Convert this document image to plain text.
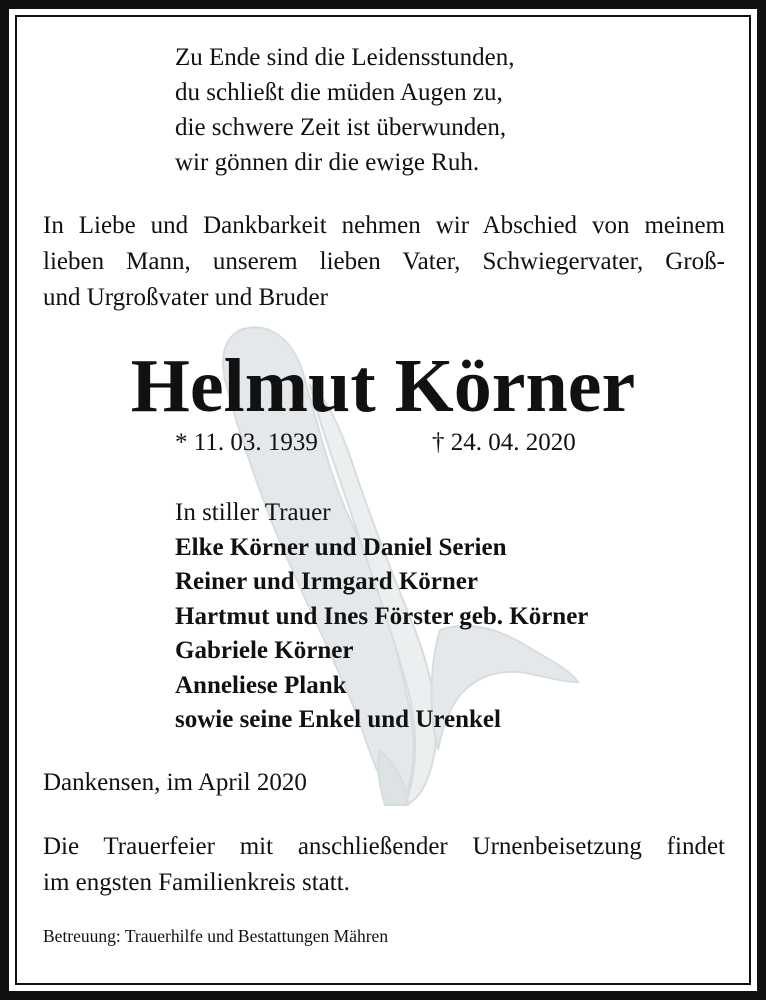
Zu Ende sind die Leidensstunden,
du schließt die müden Augen zu,
die schwere Zeit ist überwunden,
wir gönnen dir die ewige Ruh.
In Liebe und Dankbarkeit nehmen wir Abschied von meinem
lieben Mann, unserem lieben Vater, Schwiegervater, Groß-
und Urgroßvater und Bruder
Helmut Körner
* 11. 03. 1939	† 24. 04. 2020
In stiller Trauer
Elke Körner und Daniel Serien
Reiner und Irmgard Körner
Hartmut und Ines Förster geb. Körner
Gabriele Körner
Anneliese Plank
sowie seine Enkel und Urenkel
Dankensen, im April 2020
Die Trauerfeier mit anschließender Urnenbeisetzung findet
im engsten Familienkreis statt.
Betreuung: Trauerhilfe und Bestattungen Mähren
